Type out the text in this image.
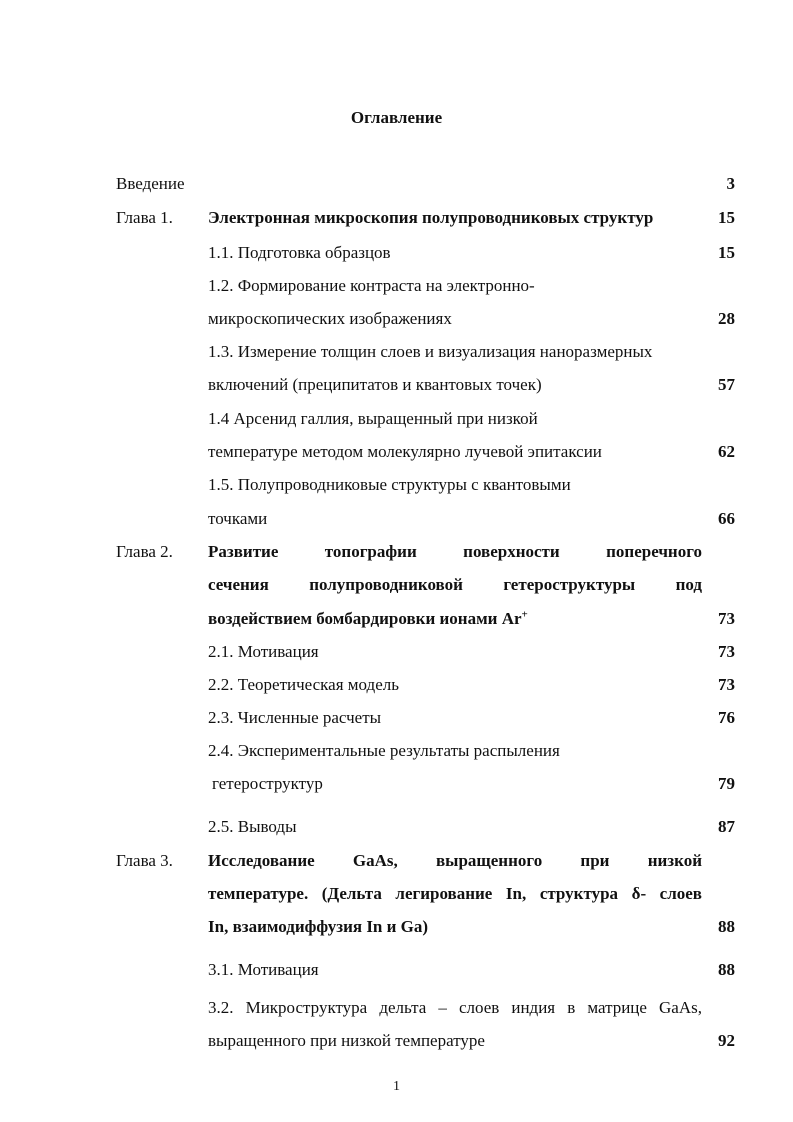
Оглавление
Введение	3
Глава 1. Электронная микроскопия полупроводниковых структур	15
1.1. Подготовка образцов	15
1.2. Формирование контраста на электронно-
микроскопических изображениях	28
1.3. Измерение толщин слоев и визуализация наноразмерных
включений (преципитатов и квантовых точек)	57
1.4 Арсенид галлия, выращенный при низкой
температуре методом молекулярно лучевой эпитаксии	62
1.5. Полупроводниковые структуры с квантовыми
точками	66
Глава 2. Развитие топографии поверхности поперечного
сечения полупроводниковой гетероструктуры под
воздействием бомбардировки ионами Ar+	73
2.1. Мотивация	73
2.2. Теоретическая модель	73
2.3. Численные расчеты	76
2.4. Экспериментальные результаты распыления
гетероструктур	79
2.5. Выводы	87
Глава 3. Исследование GaAs, выращенного при низкой
температуре. (Дельта легирование In, структура δ- слоев
In, взаимодиффузия In и Ga)	88
3.1. Мотивация	88
3.2. Микроструктура дельта – слоев индия в матрице GaAs,
выращенного при низкой температуре	92
1
